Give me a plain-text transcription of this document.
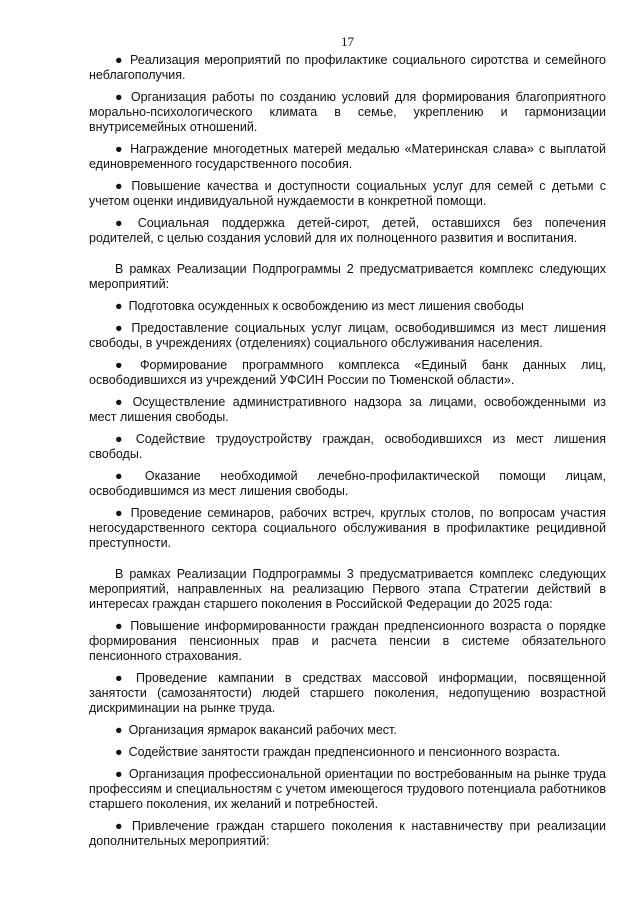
17

● Реализация мероприятий по профилактике социального сиротства и семейного неблагополучия.

● Организация работы по созданию условий для формирования благоприятного морально-психологического климата в семье, укреплению и гармонизации внутрисемейных отношений.

● Награждение многодетных матерей медалью «Материнская слава» с выплатой единовременного государственного пособия.

● Повышение качества и доступности социальных услуг для семей с детьми с учетом оценки индивидуальной нуждаемости в конкретной помощи.

● Социальная поддержка детей-сирот, детей, оставшихся без попечения родителей, с целью создания условий для их полноценного развития и воспитания.

В рамках Реализации Подпрограммы 2 предусматривается комплекс следующих мероприятий:

● Подготовка осужденных к освобождению из мест лишения свободы

● Предоставление социальных услуг лицам, освободившимся из мест лишения свободы, в учреждениях (отделениях) социального обслуживания населения.

● Формирование программного комплекса «Единый банк данных лиц, освободившихся из учреждений УФСИН России по Тюменской области».

● Осуществление административного надзора за лицами, освобожденными из мест лишения свободы.

● Содействие трудоустройству граждан, освободившихся из мест лишения свободы.

● Оказание необходимой лечебно-профилактической помощи лицам, освободившимся из мест лишения свободы.

● Проведение семинаров, рабочих встреч, круглых столов, по вопросам участия негосударственного сектора социального обслуживания в профилактике рецидивной преступности.

В рамках Реализации Подпрограммы 3 предусматривается комплекс следующих мероприятий, направленных на реализацию Первого этапа Стратегии действий в интересах граждан старшего поколения в Российской Федерации до 2025 года:

● Повышение информированности граждан предпенсионного возраста о порядке формирования пенсионных прав и расчета пенсии в системе обязательного пенсионного страхования.

● Проведение кампании в средствах массовой информации, посвященной занятости (самозанятости) людей старшего поколения, недопущению возрастной дискриминации на рынке труда.

● Организация ярмарок вакансий рабочих мест.

● Содействие занятости граждан предпенсионного и пенсионного возраста.

● Организация профессиональной ориентации по востребованным на рынке труда профессиям и специальностям с учетом имеющегося трудового потенциала работников старшего поколения, их желаний и потребностей.

● Привлечение граждан старшего поколения к наставничеству при реализации дополнительных мероприятий:
